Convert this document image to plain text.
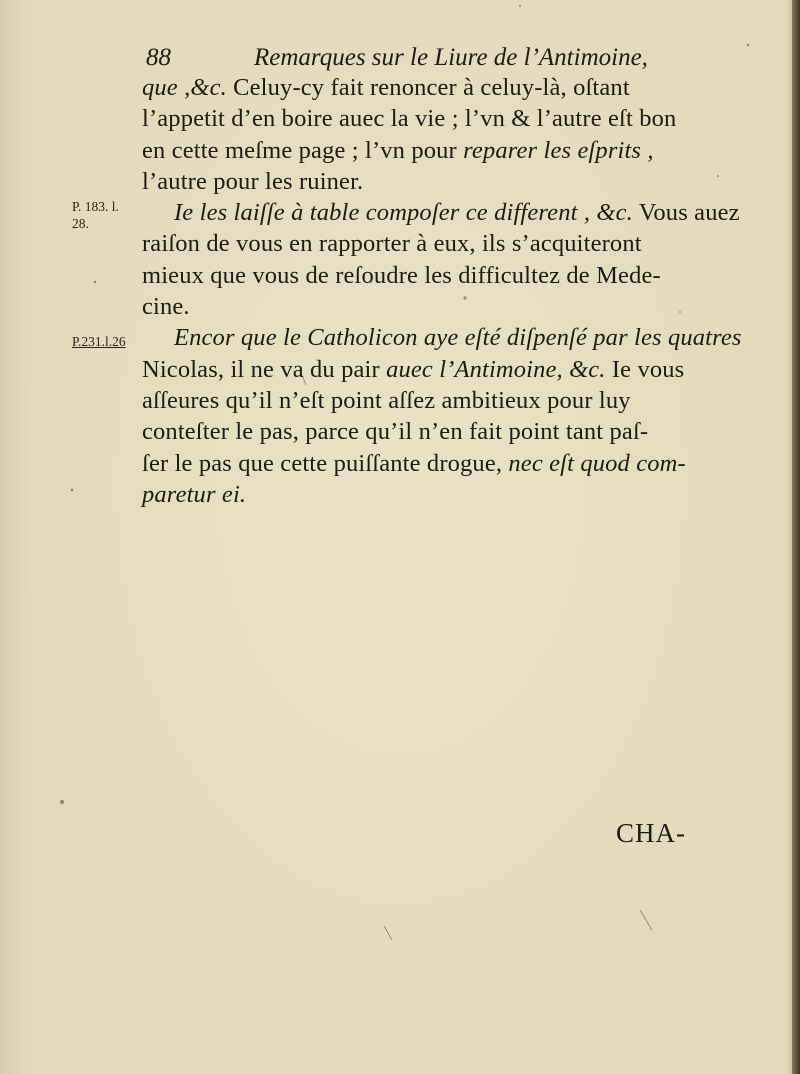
88	Remarques sur le Liure de l’Antimoine,
P. 183. l.
28.
P.231.l.26
que ,&c. Celuy-cy fait renoncer à celuy-là, oſtant
l’appetit d’en boire auec la vie ; l’vn & l’autre eſt bon
en cette meſme page ; l’vn pour reparer les eſprits ,
l’autre pour les ruiner.
Ie les laiſſe à table compoſer ce different , &c. Vous auez
raiſon de vous en rapporter à eux, ils s’acquiteront
mieux que vous de reſoudre les difficultez de Mede-
cine.
Encor que le Catholicon aye eſté diſpenſé par les quatres
Nicolas, il ne va du pair auec l’Antimoine, &c. Ie vous
aſſeures qu’il n’eſt point aſſez ambitieux pour luy
conteſter le pas, parce qu’il n’en fait point tant paſ-
ſer le pas que cette puiſſante drogue, nec eſt quod com-
paretur ei.
CHA-
